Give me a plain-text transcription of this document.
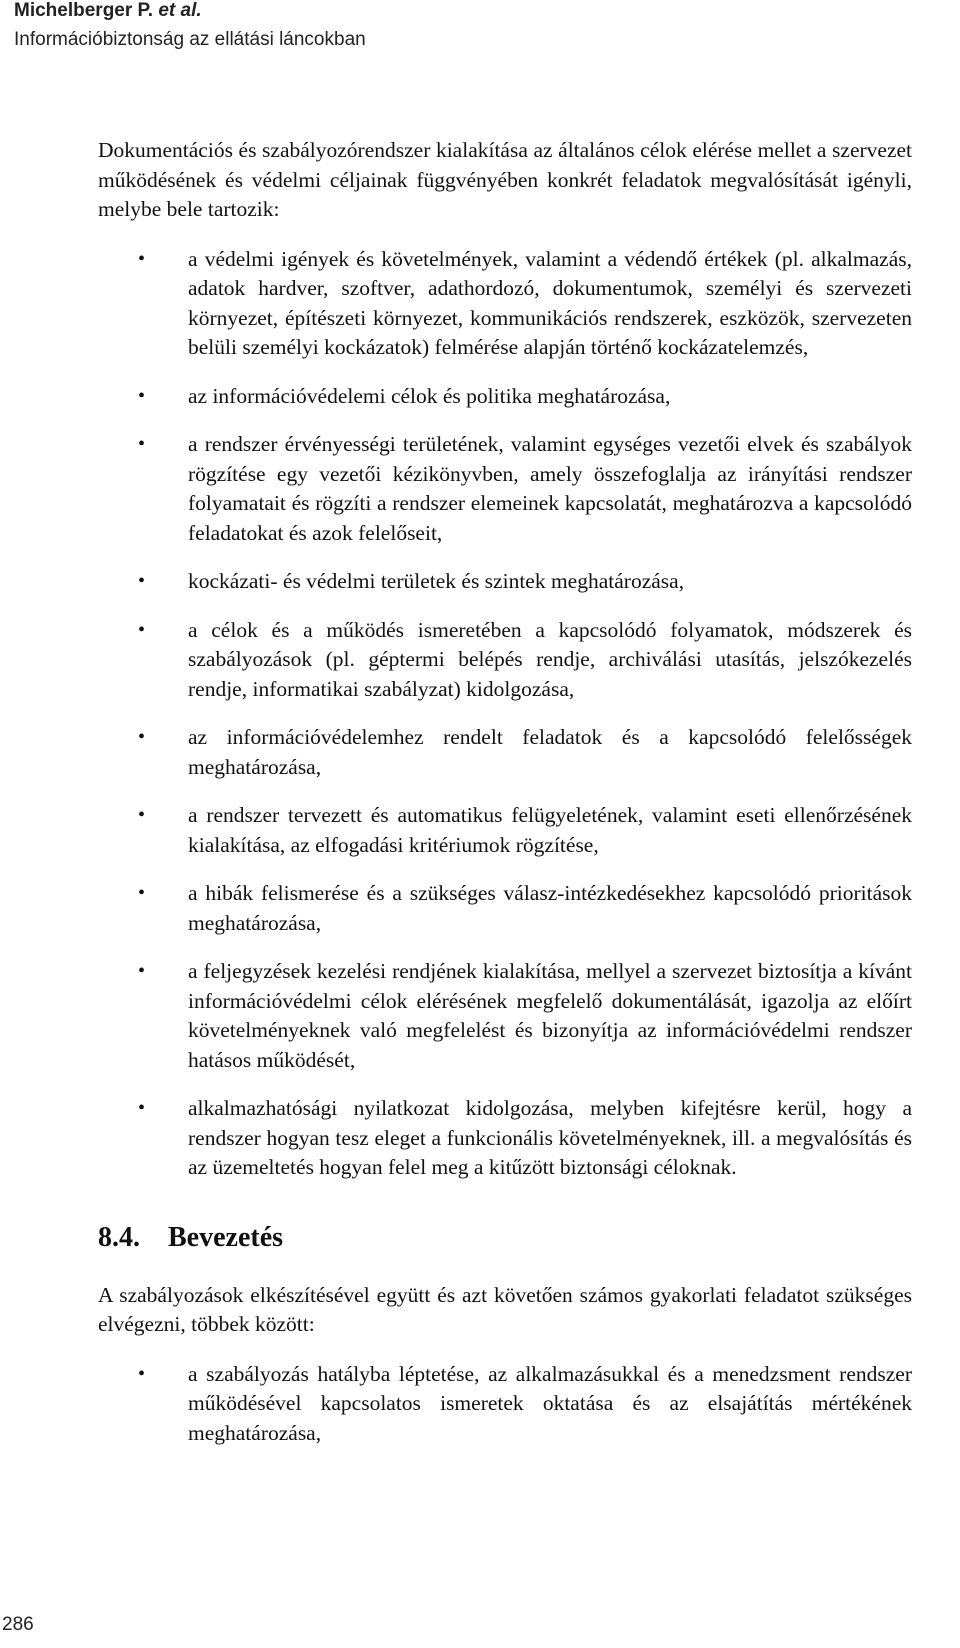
Michelberger P. et al.
Információbiztonság az ellátási láncokban

Dokumentációs és szabályozórendszer kialakítása az általános célok elérése mellet a szervezet működésének és védelmi céljainak függvényében konkrét feladatok megvalósítását igényli, melybe bele tartozik:

• a védelmi igények és követelmények, valamint a védendő értékek (pl. alkalmazás, adatok hardver, szoftver, adathordozó, dokumentumok, személyi és szervezeti környezet, építészeti környezet, kommunikációs rendszerek, eszközök, szervezeten belüli személyi kockázatok) felmérése alapján történő kockázatelemzés,
• az információvédelemi célok és politika meghatározása,
• a rendszer érvényességi területének, valamint egységes vezetői elvek és szabályok rögzítése egy vezetői kézikönyvben, amely összefoglalja az irányítási rendszer folyamatait és rögzíti a rendszer elemeinek kapcsolatát, meghatározva a kapcsolódó feladatokat és azok felelőseit,
• kockázati- és védelmi területek és szintek meghatározása,
• a célok és a működés ismeretében a kapcsolódó folyamatok, módszerek és szabályozások (pl. géptermi belépés rendje, archiválási utasítás, jelszókezelés rendje, informatikai szabályzat) kidolgozása,
• az információvédelemhez rendelt feladatok és a kapcsolódó felelősségek meghatározása,
• a rendszer tervezett és automatikus felügyeletének, valamint eseti ellenőrzésének kialakítása, az elfogadási kritériumok rögzítése,
• a hibák felismerése és a szükséges válasz-intézkedésekhez kapcsolódó prioritások meghatározása,
• a feljegyzések kezelési rendjének kialakítása, mellyel a szervezet biztosítja a kívánt információvédelmi célok elérésének megfelelő dokumentálását, igazolja az előírt követelményeknek való megfelelést és bizonyítja az információvédelmi rendszer hatásos működését,
• alkalmazhatósági nyilatkozat kidolgozása, melyben kifejtésre kerül, hogy a rendszer hogyan tesz eleget a funkcionális követelményeknek, ill. a megvalósítás és az üzemeltetés hogyan felel meg a kitűzött biztonsági céloknak.
8.4.	Bevezetés

A szabályozások elkészítésével együtt és azt követően számos gyakorlati feladatot szükséges elvégezni, többek között:

• a szabályozás hatályba léptetése, az alkalmazásukkal és a menedzsment rendszer működésével kapcsolatos ismeretek oktatása és az elsajátítás mértékének meghatározása,
286
